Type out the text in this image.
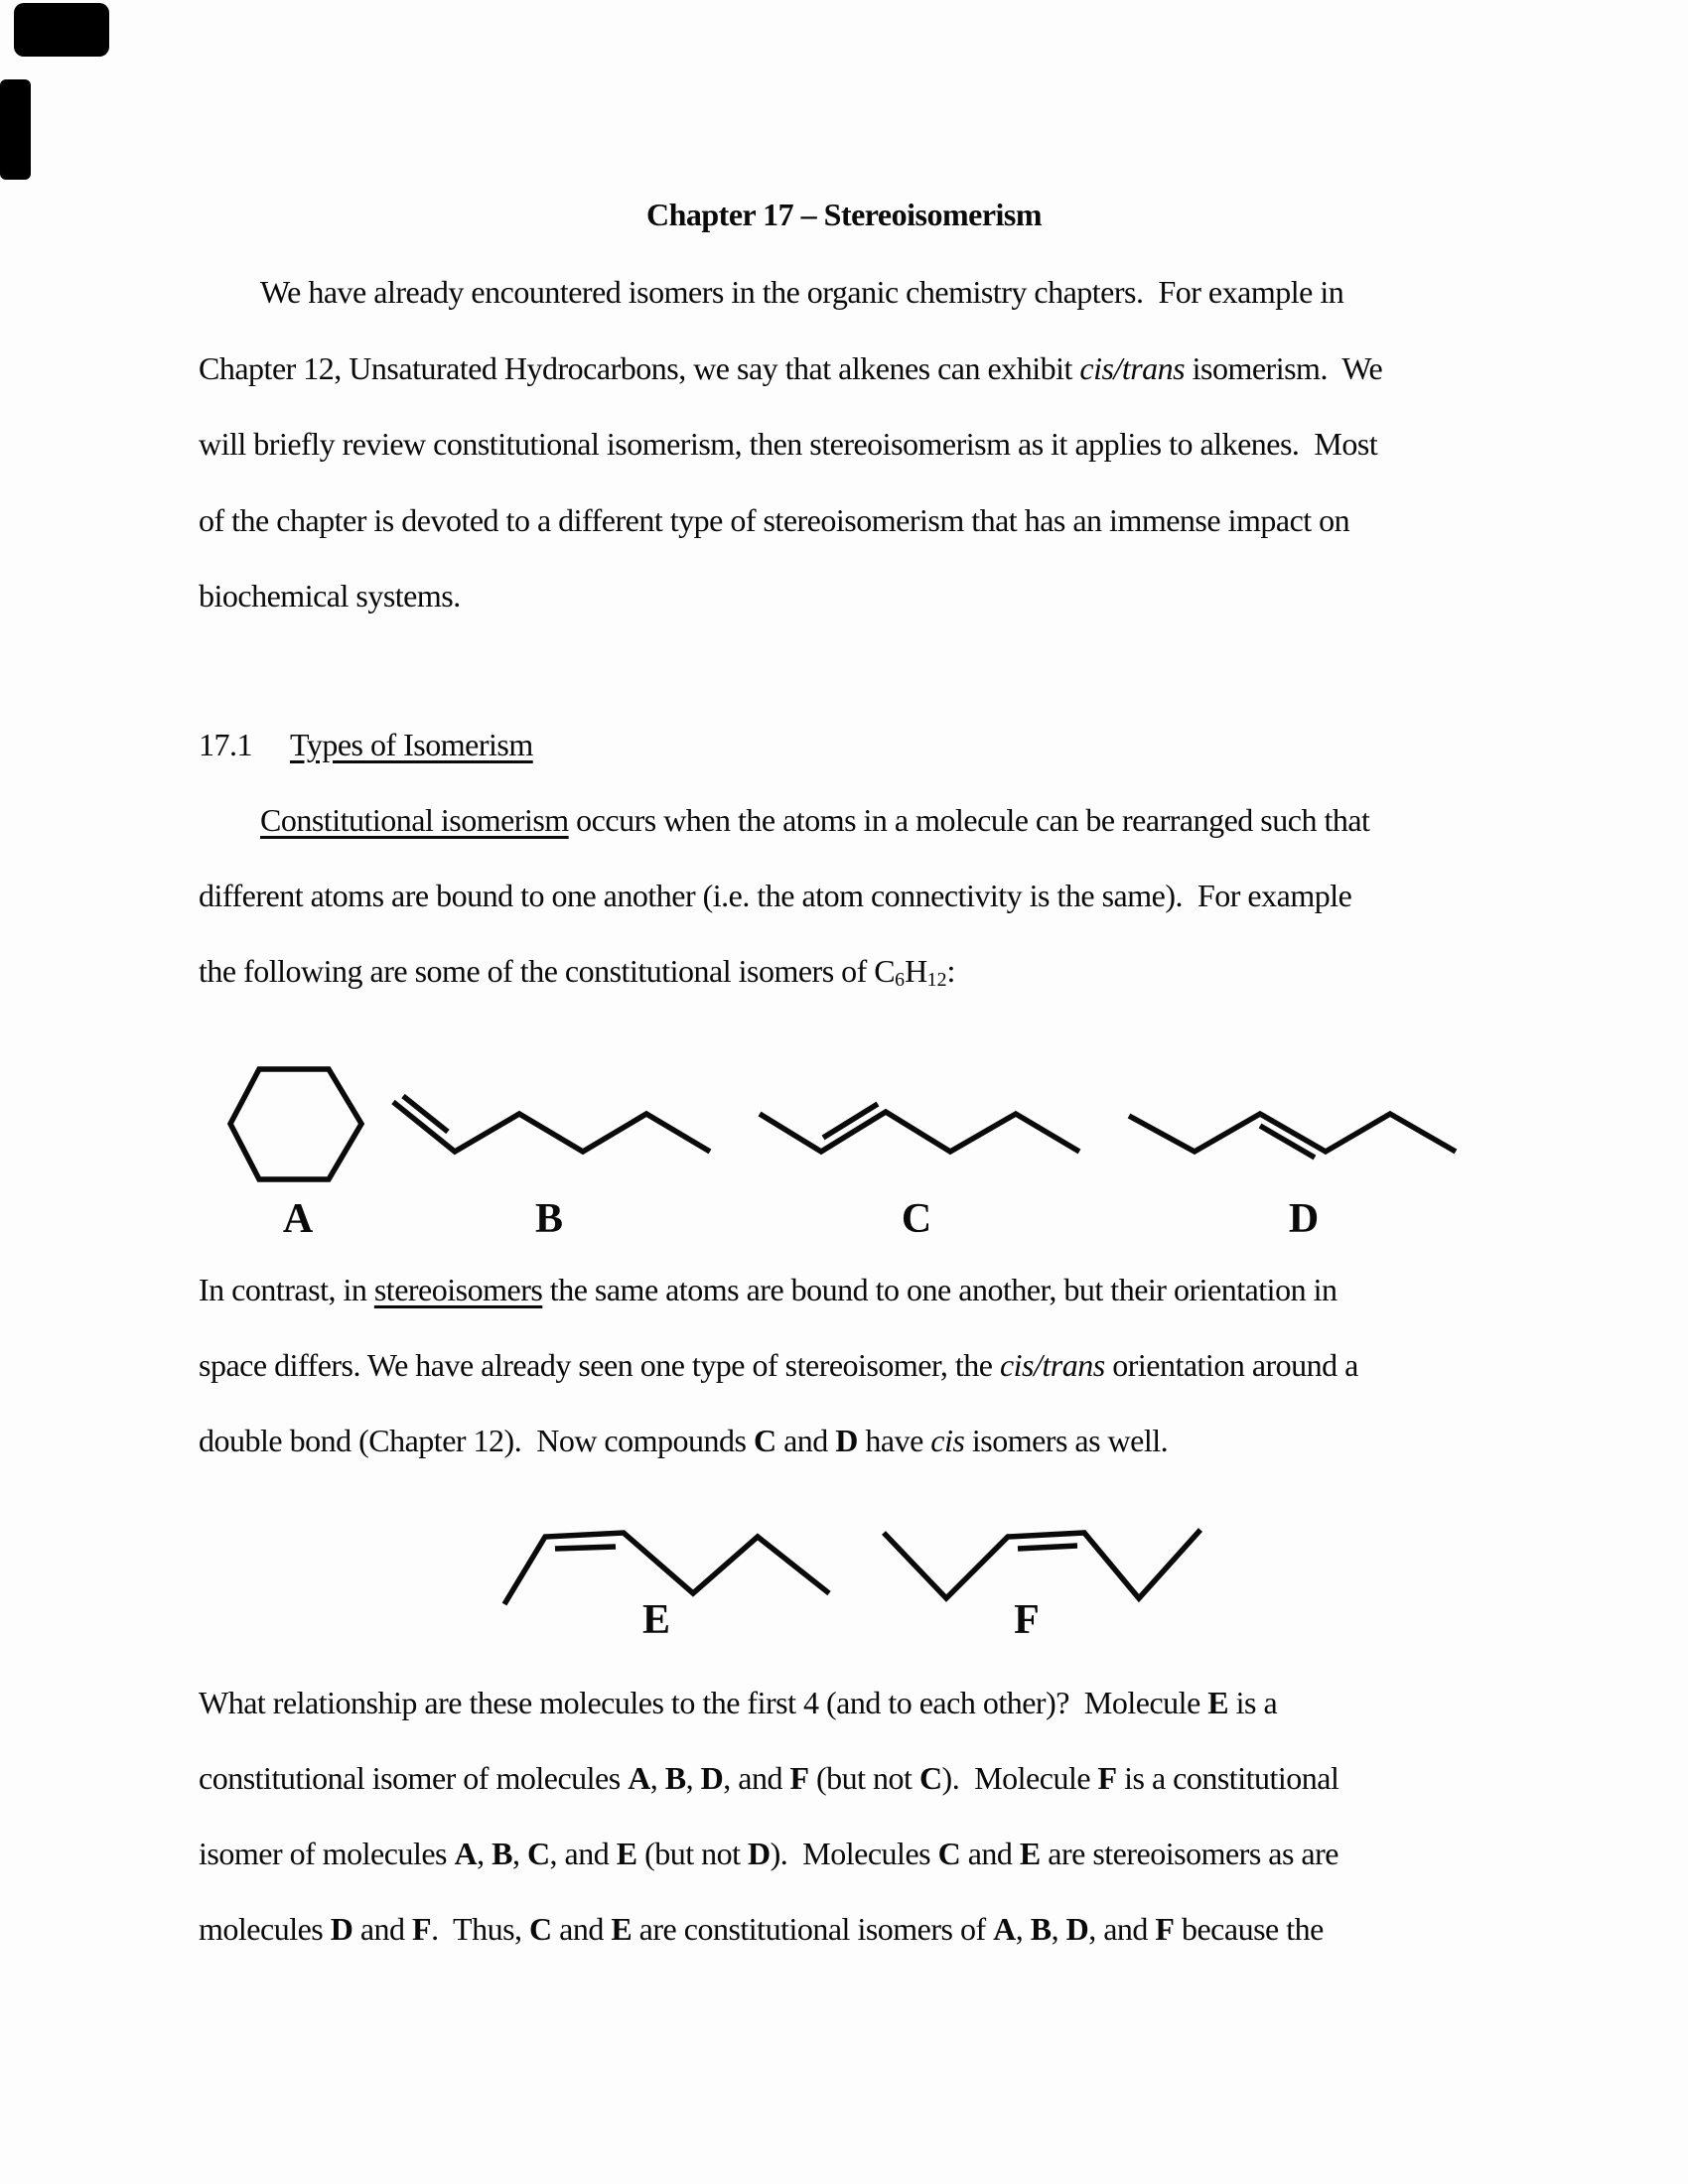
Chapter 17 – Stereoisomerism
We have already encountered isomers in the organic chemistry chapters.  For example in
Chapter 12, Unsaturated Hydrocarbons, we say that alkenes can exhibit cis/trans isomerism.  We
will briefly review constitutional isomerism, then stereoisomerism as it applies to alkenes.  Most
of the chapter is devoted to a different type of stereoisomerism that has an immense impact on
biochemical systems.
17.1 Types of Isomerism
Constitutional isomerism occurs when the atoms in a molecule can be rearranged such that
different atoms are bound to one another (i.e. the atom connectivity is the same).  For example
the following are some of the constitutional isomers of C6H12:
A	B	C	D
In contrast, in stereoisomers the same atoms are bound to one another, but their orientation in
space differs. We have already seen one type of stereoisomer, the cis/trans orientation around a
double bond (Chapter 12).  Now compounds C and D have cis isomers as well.
E	F
What relationship are these molecules to the first 4 (and to each other)?  Molecule E is a
constitutional isomer of molecules A, B, D, and F (but not C).  Molecule F is a constitutional
isomer of molecules A, B, C, and E (but not D).  Molecules C and E are stereoisomers as are
molecules D and F.  Thus, C and E are constitutional isomers of A, B, D, and F because the
